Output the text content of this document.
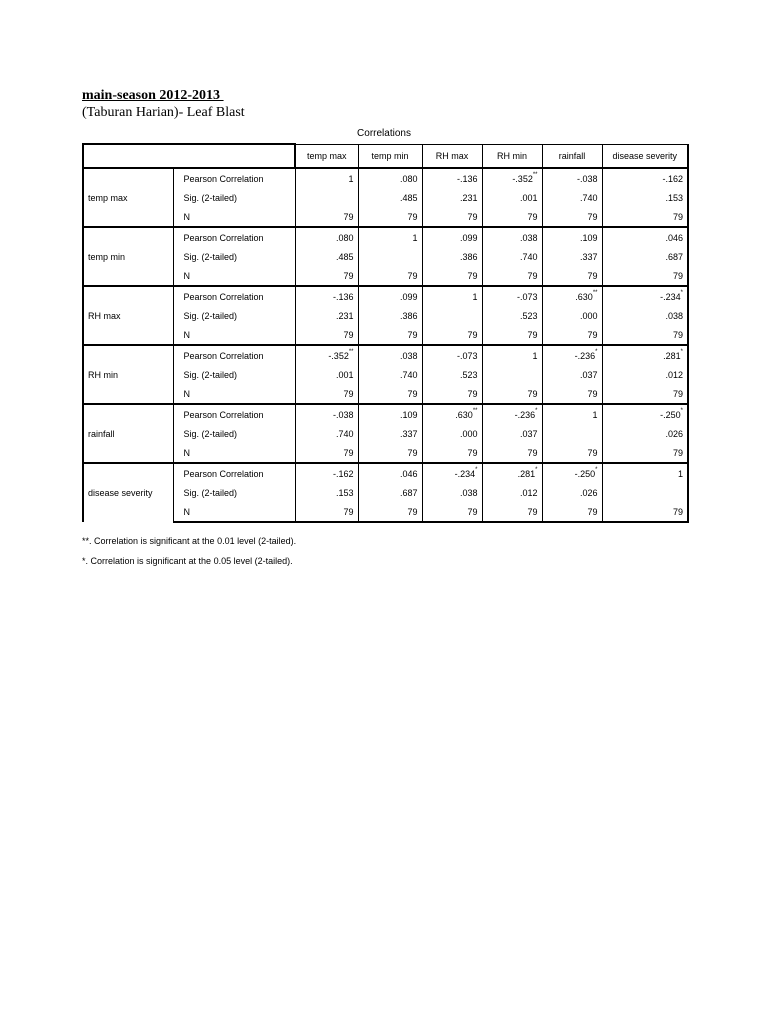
main-season 2012-2013
(Taburan Harian)- Leaf Blast
Correlations
		temp max	temp min	RH max	RH min	rainfall	disease severity
temp max	Pearson Correlation	1	.080	-.136	-.352**	-.038	-.162
	Sig. (2-tailed)		.485	.231	.001	.740	.153
	N	79	79	79	79	79	79
temp min	Pearson Correlation	.080	1	.099	.038	.109	.046
	Sig. (2-tailed)	.485		.386	.740	.337	.687
	N	79	79	79	79	79	79
RH max	Pearson Correlation	-.136	.099	1	-.073	.630**	-.234*
	Sig. (2-tailed)	.231	.386		.523	.000	.038
	N	79	79	79	79	79	79
RH min	Pearson Correlation	-.352**	.038	-.073	1	-.236*	.281*
	Sig. (2-tailed)	.001	.740	.523		.037	.012
	N	79	79	79	79	79	79
rainfall	Pearson Correlation	-.038	.109	.630**	-.236*	1	-.250*
	Sig. (2-tailed)	.740	.337	.000	.037		.026
	N	79	79	79	79	79	79
disease severity	Pearson Correlation	-.162	.046	-.234*	.281*	-.250*	1
	Sig. (2-tailed)	.153	.687	.038	.012	.026	
	N	79	79	79	79	79	79
**. Correlation is significant at the 0.01 level (2-tailed).
*. Correlation is significant at the 0.05 level (2-tailed).
